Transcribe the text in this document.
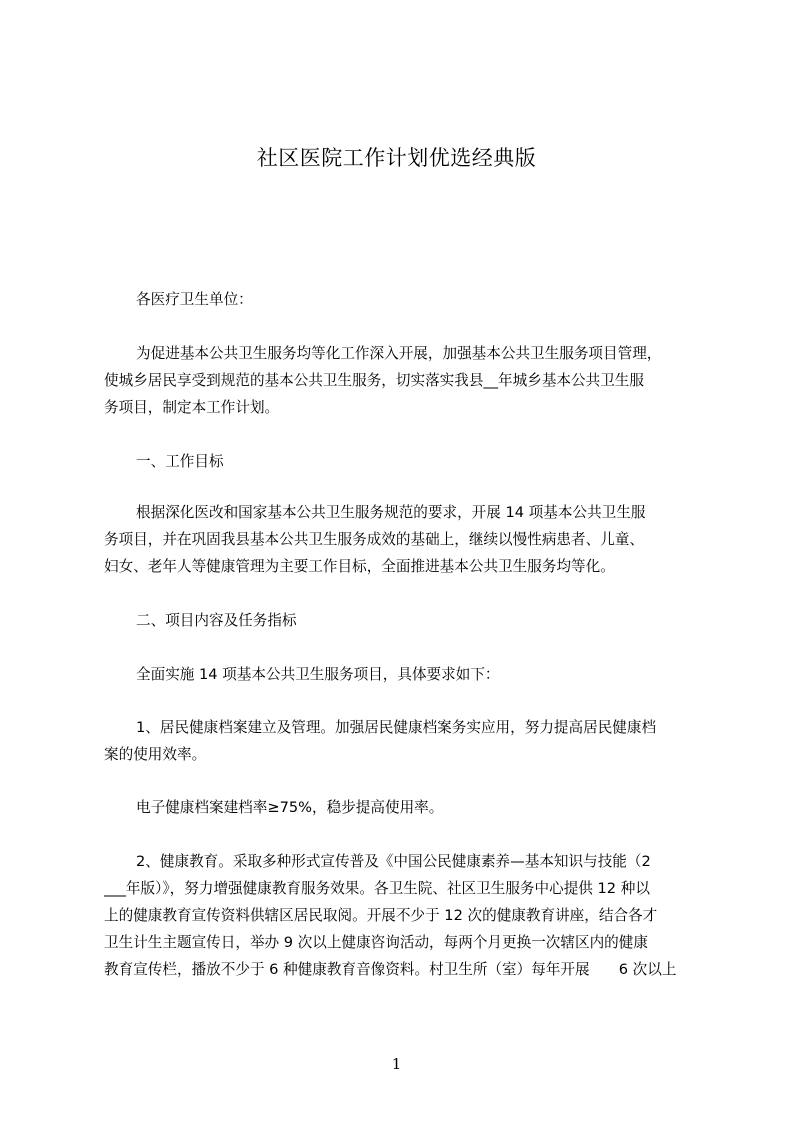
社区医院工作计划优选经典版

各医疗卫生单位：

为促进基本公共卫生服务均等化工作深入开展，加强基本公共卫生服务项目管理，
使城乡居民享受到规范的基本公共卫生服务，切实落实我县__年城乡基本公共卫生服
务项目，制定本工作计划。

一、工作目标

根据深化医改和国家基本公共卫生服务规范的要求，开展 14 项基本公共卫生服
务项目，并在巩固我县基本公共卫生服务成效的基础上，继续以慢性病患者、儿童、
妇女、老年人等健康管理为主要工作目标，全面推进基本公共卫生服务均等化。

二、项目内容及任务指标

全面实施 14 项基本公共卫生服务项目，具体要求如下：

1、居民健康档案建立及管理。加强居民健康档案务实应用，努力提高居民健康档
案的使用效率。

电子健康档案建档率≥75%，稳步提高使用率。

2、健康教育。采取多种形式宣传普及《中国公民健康素养—基本知识与技能（2
___年版）》，努力增强健康教育服务效果。各卫生院、社区卫生服务中心提供 12 种以
上的健康教育宣传资料供辖区居民取阅。开展不少于 12 次的健康教育讲座，结合各才
卫生计生主题宣传日，举办 9 次以上健康咨询活动，每两个月更换一次辖区内的健康
教育宣传栏，播放不少于 6 种健康教育音像资料。村卫生所（室）每年开展　　6 次以上

1
